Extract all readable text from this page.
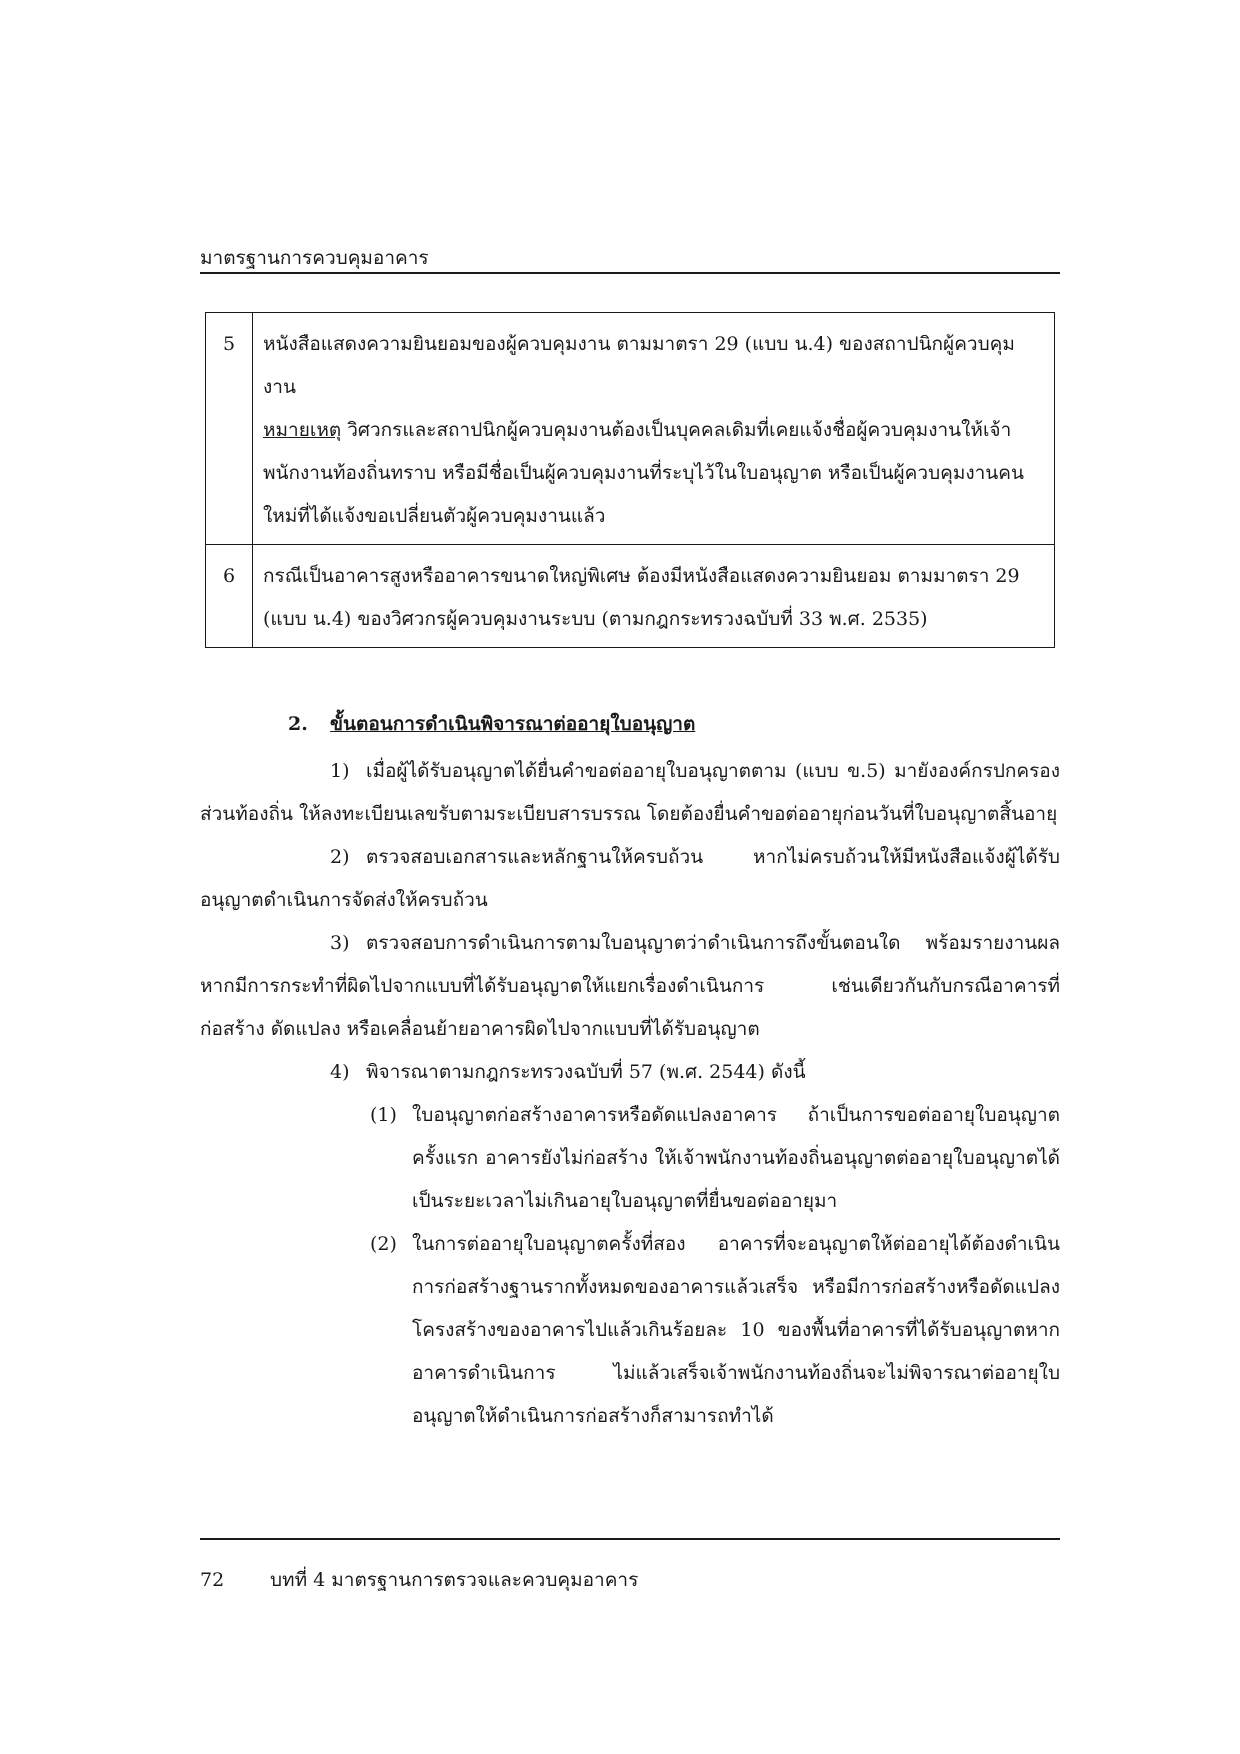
มาตรฐานการควบคุมอาคาร
5	หนังสือแสดงความยินยอมของผู้ควบคุมงาน ตามมาตรา 29 (แบบ น.4) ของสถาปนิกผู้ควบคุมงาน
หมายเหตุ วิศวกรและสถาปนิกผู้ควบคุมงานต้องเป็นบุคคลเดิมที่เคยแจ้งชื่อผู้ควบคุมงานให้เจ้าพนักงานท้องถิ่นทราบ หรือมีชื่อเป็นผู้ควบคุมงานที่ระบุไว้ในใบอนุญาต หรือเป็นผู้ควบคุมงานคนใหม่ที่ได้แจ้งขอเปลี่ยนตัวผู้ควบคุมงานแล้ว

6	กรณีเป็นอาคารสูงหรืออาคารขนาดใหญ่พิเศษ ต้องมีหนังสือแสดงความยินยอม ตามมาตรา 29 (แบบ น.4) ของวิศวกรผู้ควบคุมงานระบบ (ตามกฎกระทรวงฉบับที่ 33 พ.ศ. 2535)

2. ขั้นตอนการดำเนินพิจารณาต่ออายุใบอนุญาต

1) เมื่อผู้ได้รับอนุญาตได้ยื่นคำขอต่ออายุใบอนุญาตตาม (แบบ ข.5) มายังองค์กรปกครองส่วนท้องถิ่น ให้ลงทะเบียนเลขรับตามระเบียบสารบรรณ โดยต้องยื่นคำขอต่ออายุก่อนวันที่ใบอนุญาตสิ้นอายุ

2) ตรวจสอบเอกสารและหลักฐานให้ครบถ้วน หากไม่ครบถ้วนให้มีหนังสือแจ้งผู้ได้รับอนุญาตดำเนินการจัดส่งให้ครบถ้วน

3) ตรวจสอบการดำเนินการตามใบอนุญาตว่าดำเนินการถึงขั้นตอนใด พร้อมรายงานผล หากมีการกระทำที่ผิดไปจากแบบที่ได้รับอนุญาตให้แยกเรื่องดำเนินการ เช่นเดียวกันกับกรณีอาคารที่ก่อสร้าง ดัดแปลง หรือเคลื่อนย้ายอาคารผิดไปจากแบบที่ได้รับอนุญาต

4) พิจารณาตามกฎกระทรวงฉบับที่ 57 (พ.ศ. 2544) ดังนี้

(1) ใบอนุญาตก่อสร้างอาคารหรือดัดแปลงอาคาร ถ้าเป็นการขอต่ออายุใบอนุญาตครั้งแรก อาคารยังไม่ก่อสร้าง ให้เจ้าพนักงานท้องถิ่นอนุญาตต่ออายุใบอนุญาตได้เป็นระยะเวลาไม่เกินอายุใบอนุญาตที่ยื่นขอต่ออายุมา

(2) ในการต่ออายุใบอนุญาตครั้งที่สอง อาคารที่จะอนุญาตให้ต่ออายุได้ต้องดำเนินการก่อสร้างฐานรากทั้งหมดของอาคารแล้วเสร็จ หรือมีการก่อสร้างหรือดัดแปลงโครงสร้างของอาคารไปแล้วเกินร้อยละ 10 ของพื้นที่อาคารที่ได้รับอนุญาตหากอาคารดำเนินการ ไม่แล้วเสร็จเจ้าพนักงานท้องถิ่นจะไม่พิจารณาต่ออายุใบอนุญาตให้ดำเนินการก่อสร้างก็สามารถทำได้

72 บทที่ 4 มาตรฐานการตรวจและควบคุมอาคาร
